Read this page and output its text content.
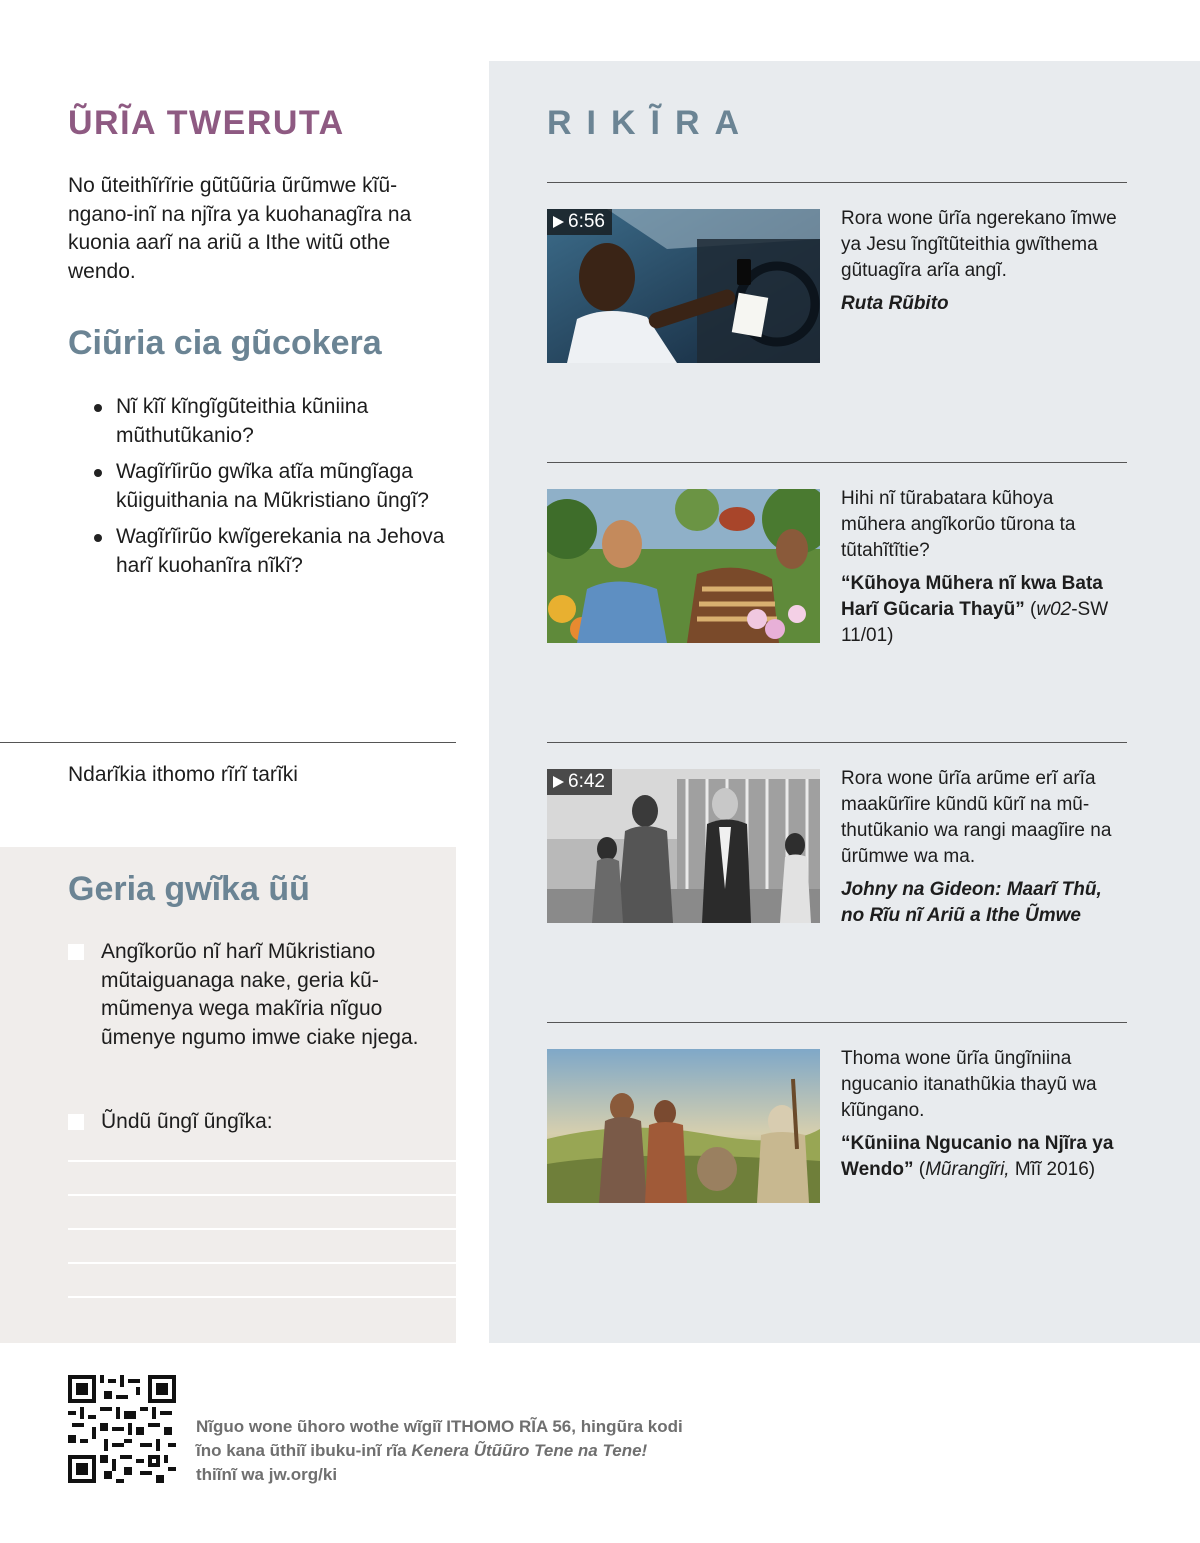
ŨRĨA TWERUTA

No ũteithĩrĩrie gũtũũria ũrũmwe kĩũ-ngano-inĩ na njĩra ya kuohanagĩra na kuonia aarĩ na ariũ a Ithe witũ othe wendo.

Ciũria cia gũcokera
Nĩ kĩĩ kĩngĩgũteithia kũniina mũthutũkanio?
Wagĩrĩirũo gwĩka atĩa mũngĩaga kũiguithania na Mũkristiano ũngĩ?
Wagĩrĩirũo kwĩgerekania na Jehova harĩ kuohanĩra nĩkĩ?
Ndarĩkia ithomo rĩrĩ tarĩki
Geria gwĩka ũũ
Angĩkorũo nĩ harĩ Mũkristiano mũtaiguanaga nake, geria kũ-mũmenya wega makĩria nĩguo ũmenye ngumo imwe ciake njega.
Ũndũ ũngĩ ũngĩka:
RIKĨRA
6:56	Rora wone ũrĩa ngerekano ĩmwe ya Jesu ĩngĩtũteithia gwĩthema gũtuagĩra arĩa angĩ.
Ruta Rũbito
Hihi nĩ tũrabatara kũhoya mũhera angĩkorũo tũrona ta tũtahĩtĩtie?
“Kũhoya Mũhera nĩ kwa Bata Harĩ Gũcaria Thayũ” (w02-SW 11/01)
6:42	Rora wone ũrĩa arũme erĩ arĩa maakũrĩire kũndũ kũrĩ na mũ-thutũkanio wa rangi maagĩire na ũrũmwe wa ma.
Johny na Gideon: Maarĩ Thũ, no Rĩu nĩ Ariũ a Ithe Ũmwe
Thoma wone ũrĩa ũngĩniina ngucanio itanathũkia thayũ wa kĩũngano.
“Kũniina Ngucanio na Njĩra ya Wendo” (Mũrangĩri, Mĩĩ 2016)
Nĩguo wone ũhoro wothe wĩgiĩ ITHOMO RĨA 56, hingũra kodi
ĩno kana ũthiĩ ibuku-inĩ rĩa Kenera Ũtũũro Tene na Tene!
thiĩnĩ wa jw.org/ki
